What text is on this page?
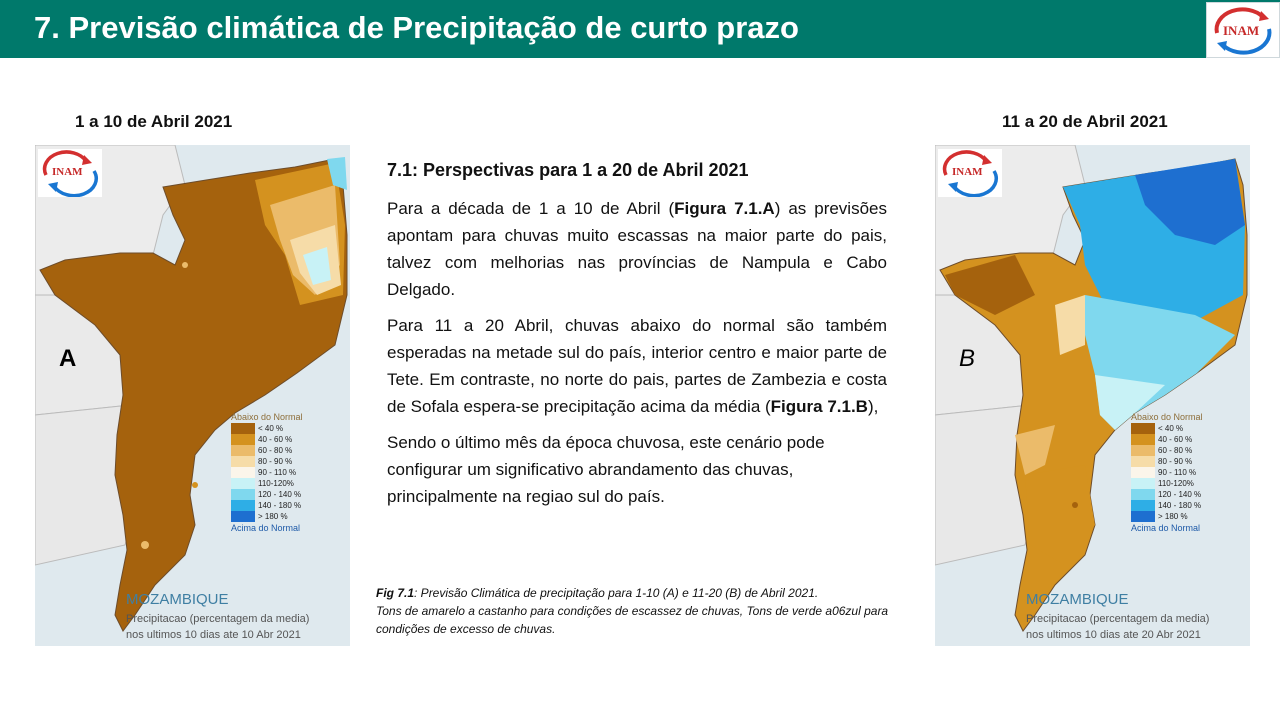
7. Previsão climática de Precipitação de curto prazo	INAM
1 a 10 de Abril 2021
INAM
A
Abaixo do Normal
< 40 %
40 - 60 %
60 - 80 %
80 - 90 %
90 - 110 %
110-120%
120 - 140 %
140 - 180 %
> 180 %
Acima do Normal
MOZAMBIQUE
Precipitacao (percentagem da media)
nos ultimos 10 dias ate 10 Abr 2021
11 a 20 de Abril 2021
INAM
B
Abaixo do Normal
< 40 %
40 - 60 %
60 - 80 %
80 - 90 %
90 - 110 %
110-120%
120 - 140 %
140 - 180 %
> 180 %
Acima do Normal
MOZAMBIQUE
Precipitacao (percentagem da media)
nos ultimos 10 dias ate 20 Abr 2021
7.1: Perspectivas para 1 a 20 de Abril 2021

Para a década de 1 a 10 de Abril (Figura 7.1.A) as previsões apontam para chuvas muito escassas na maior parte do pais, talvez com melhorias nas províncias de Nampula e Cabo Delgado.

Para 11 a 20 Abril, chuvas abaixo do normal são também esperadas na metade sul do país, interior centro e maior parte de Tete. Em contraste, no norte do pais, partes de Zambezia e costa de Sofala espera-se precipitação acima da média (Figura 7.1.B),

Sendo o último mês da época chuvosa, este cenário pode configurar um significativo abrandamento das chuvas, principalmente na regiao sul do país.

Fig 7.1: Previsão Climática de precipitação para 1-10 (A) e 11-20 (B) de Abril 2021.
Tons de amarelo a castanho para condições de escassez de chuvas, Tons de verde a06zul para condições de excesso de chuvas.
